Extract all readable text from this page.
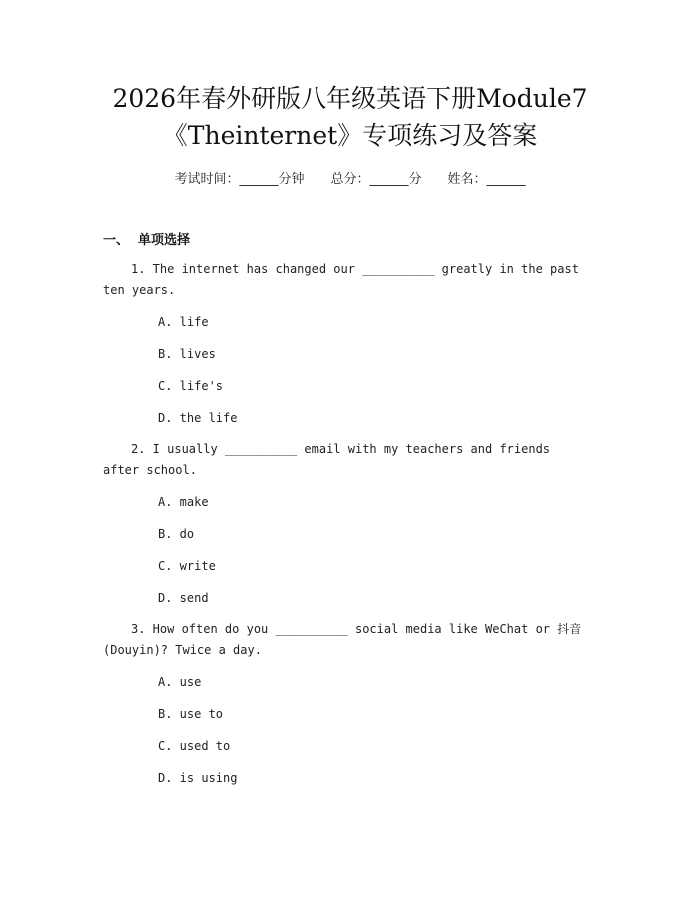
2026年春外研版八年级英语下册Module7
《Theinternet》专项练习及答案
考试时间：______分钟 总分：______分 姓名：______
一、  单项选择
1. The internet has changed our __________ greatly in the past ten years.
A. life
B. lives
C. life's
D. the life
2. I usually __________ email with my teachers and friends after school.
A. make
B. do
C. write
D. send
3. How often do you __________ social media like WeChat or 抖音(Douyin)? Twice a day.
A. use
B. use to
C. used to
D. is using
